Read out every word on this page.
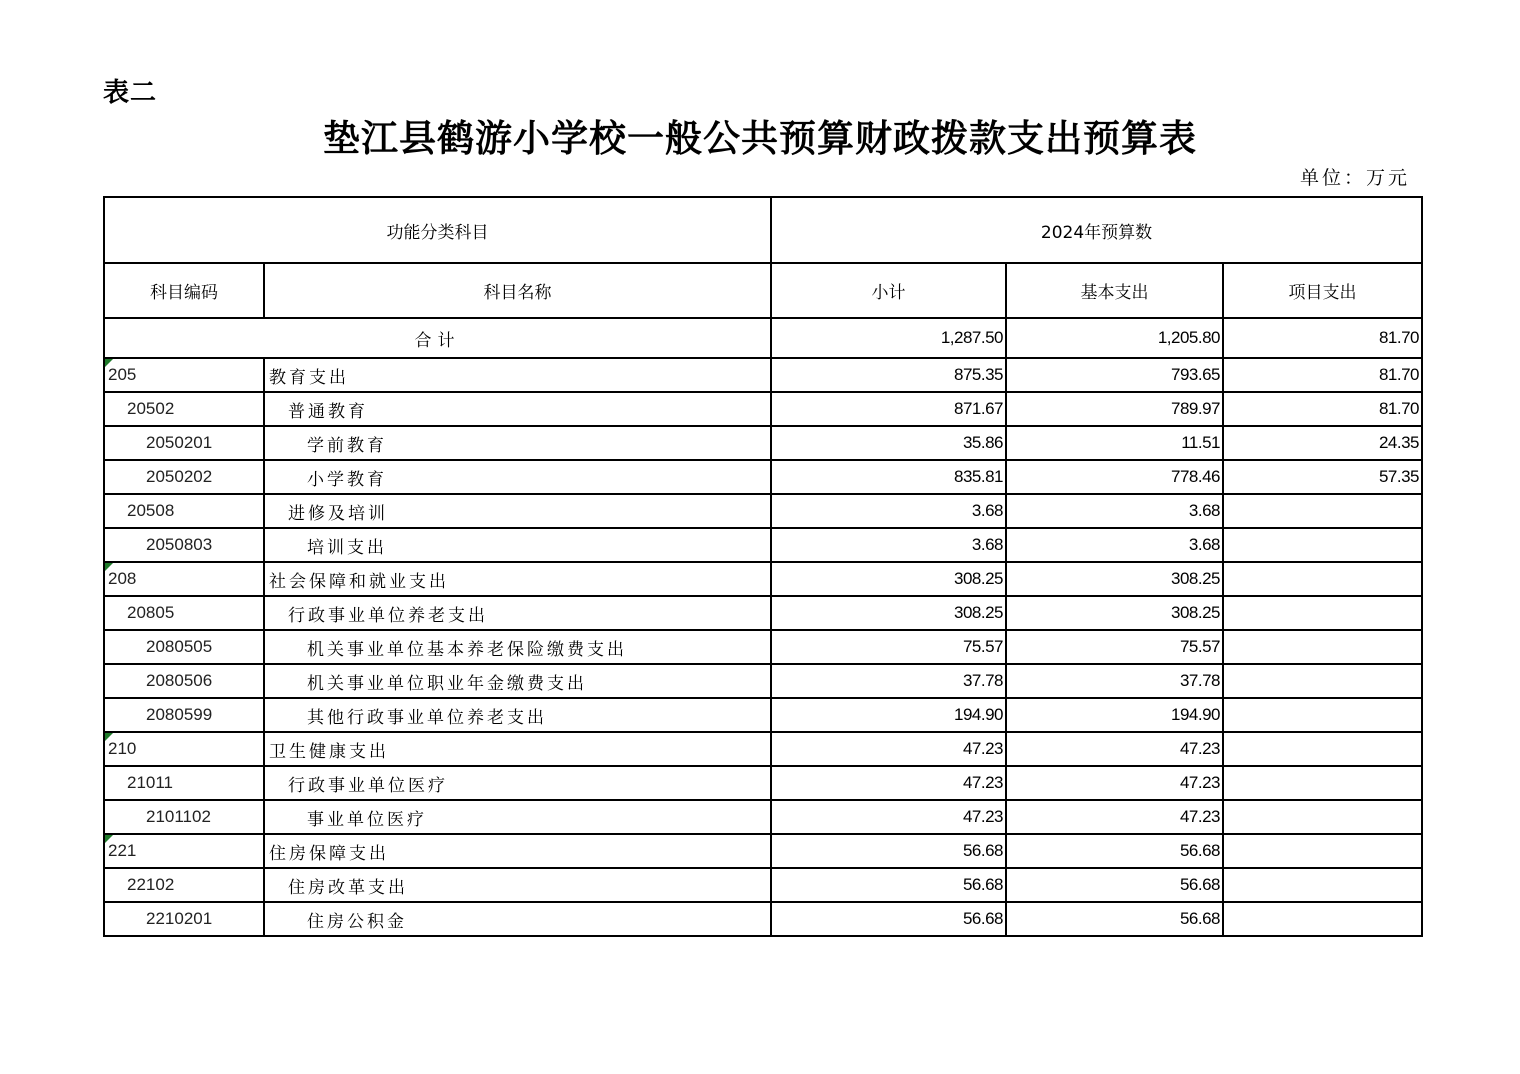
表二
垫江县鹤游小学校一般公共预算财政拨款支出预算表
单位：万元
功能分类科目		2024年预算数		
科目编码	科目名称	小计	基本支出	项目支出
合计		1,287.50	1,205.80	81.70

205	教育支出	875.35	793.65	81.70
20502	普通教育	871.67	789.97	81.70
2050201	学前教育	35.86	11.51	24.35
2050202	小学教育	835.81	778.46	57.35
20508	进修及培训	3.68	3.68	
2050803	培训支出	3.68	3.68	

208	社会保障和就业支出	308.25	308.25	
20805	行政事业单位养老支出	308.25	308.25	
2080505	机关事业单位基本养老保险缴费支出	75.57	75.57	
2080506	机关事业单位职业年金缴费支出	37.78	37.78	
2080599	其他行政事业单位养老支出	194.90	194.90	

210	卫生健康支出	47.23	47.23	
21011	行政事业单位医疗	47.23	47.23	
2101102	事业单位医疗	47.23	47.23	

221	住房保障支出	56.68	56.68	
22102	住房改革支出	56.68	56.68	
2210201	住房公积金	56.68	56.68	
